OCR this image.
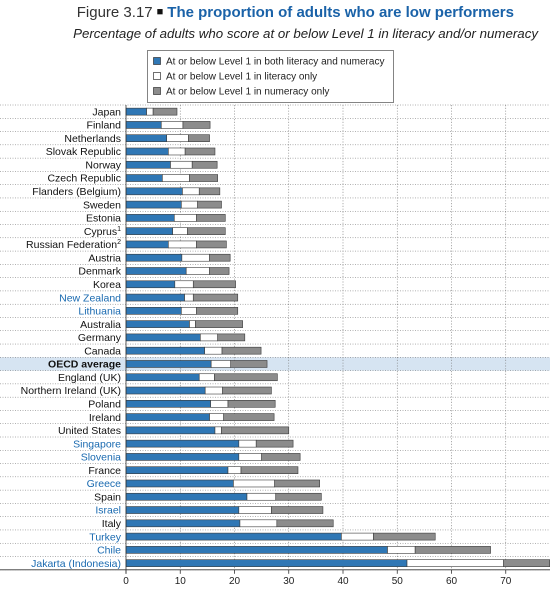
Figure 3.17 ■ The proportion of adults who are low performers
Percentage of adults who score at or below Level 1 in literacy and/or numeracy
At or below Level 1 in both literacy and numeracy
At or below Level 1 in literacy only
At or below Level 1 in numeracy only
Japan
Finland
Netherlands
Slovak Republic
Norway
Czech Republic
Flanders (Belgium)
Sweden
Estonia
Cyprus$^1$
Russian Federation$^2$
Austria
Denmark
Korea
New Zealand
Lithuania
Australia
Germany
Canada
OECD average
England (UK)
Northern Ireland (UK)
Poland
Ireland
United States
Singapore
Slovenia
France
Greece
Spain
Israel
Italy
Turkey
Chile
Jakarta (Indonesia)
0	10	20	30	40	50	60	70
